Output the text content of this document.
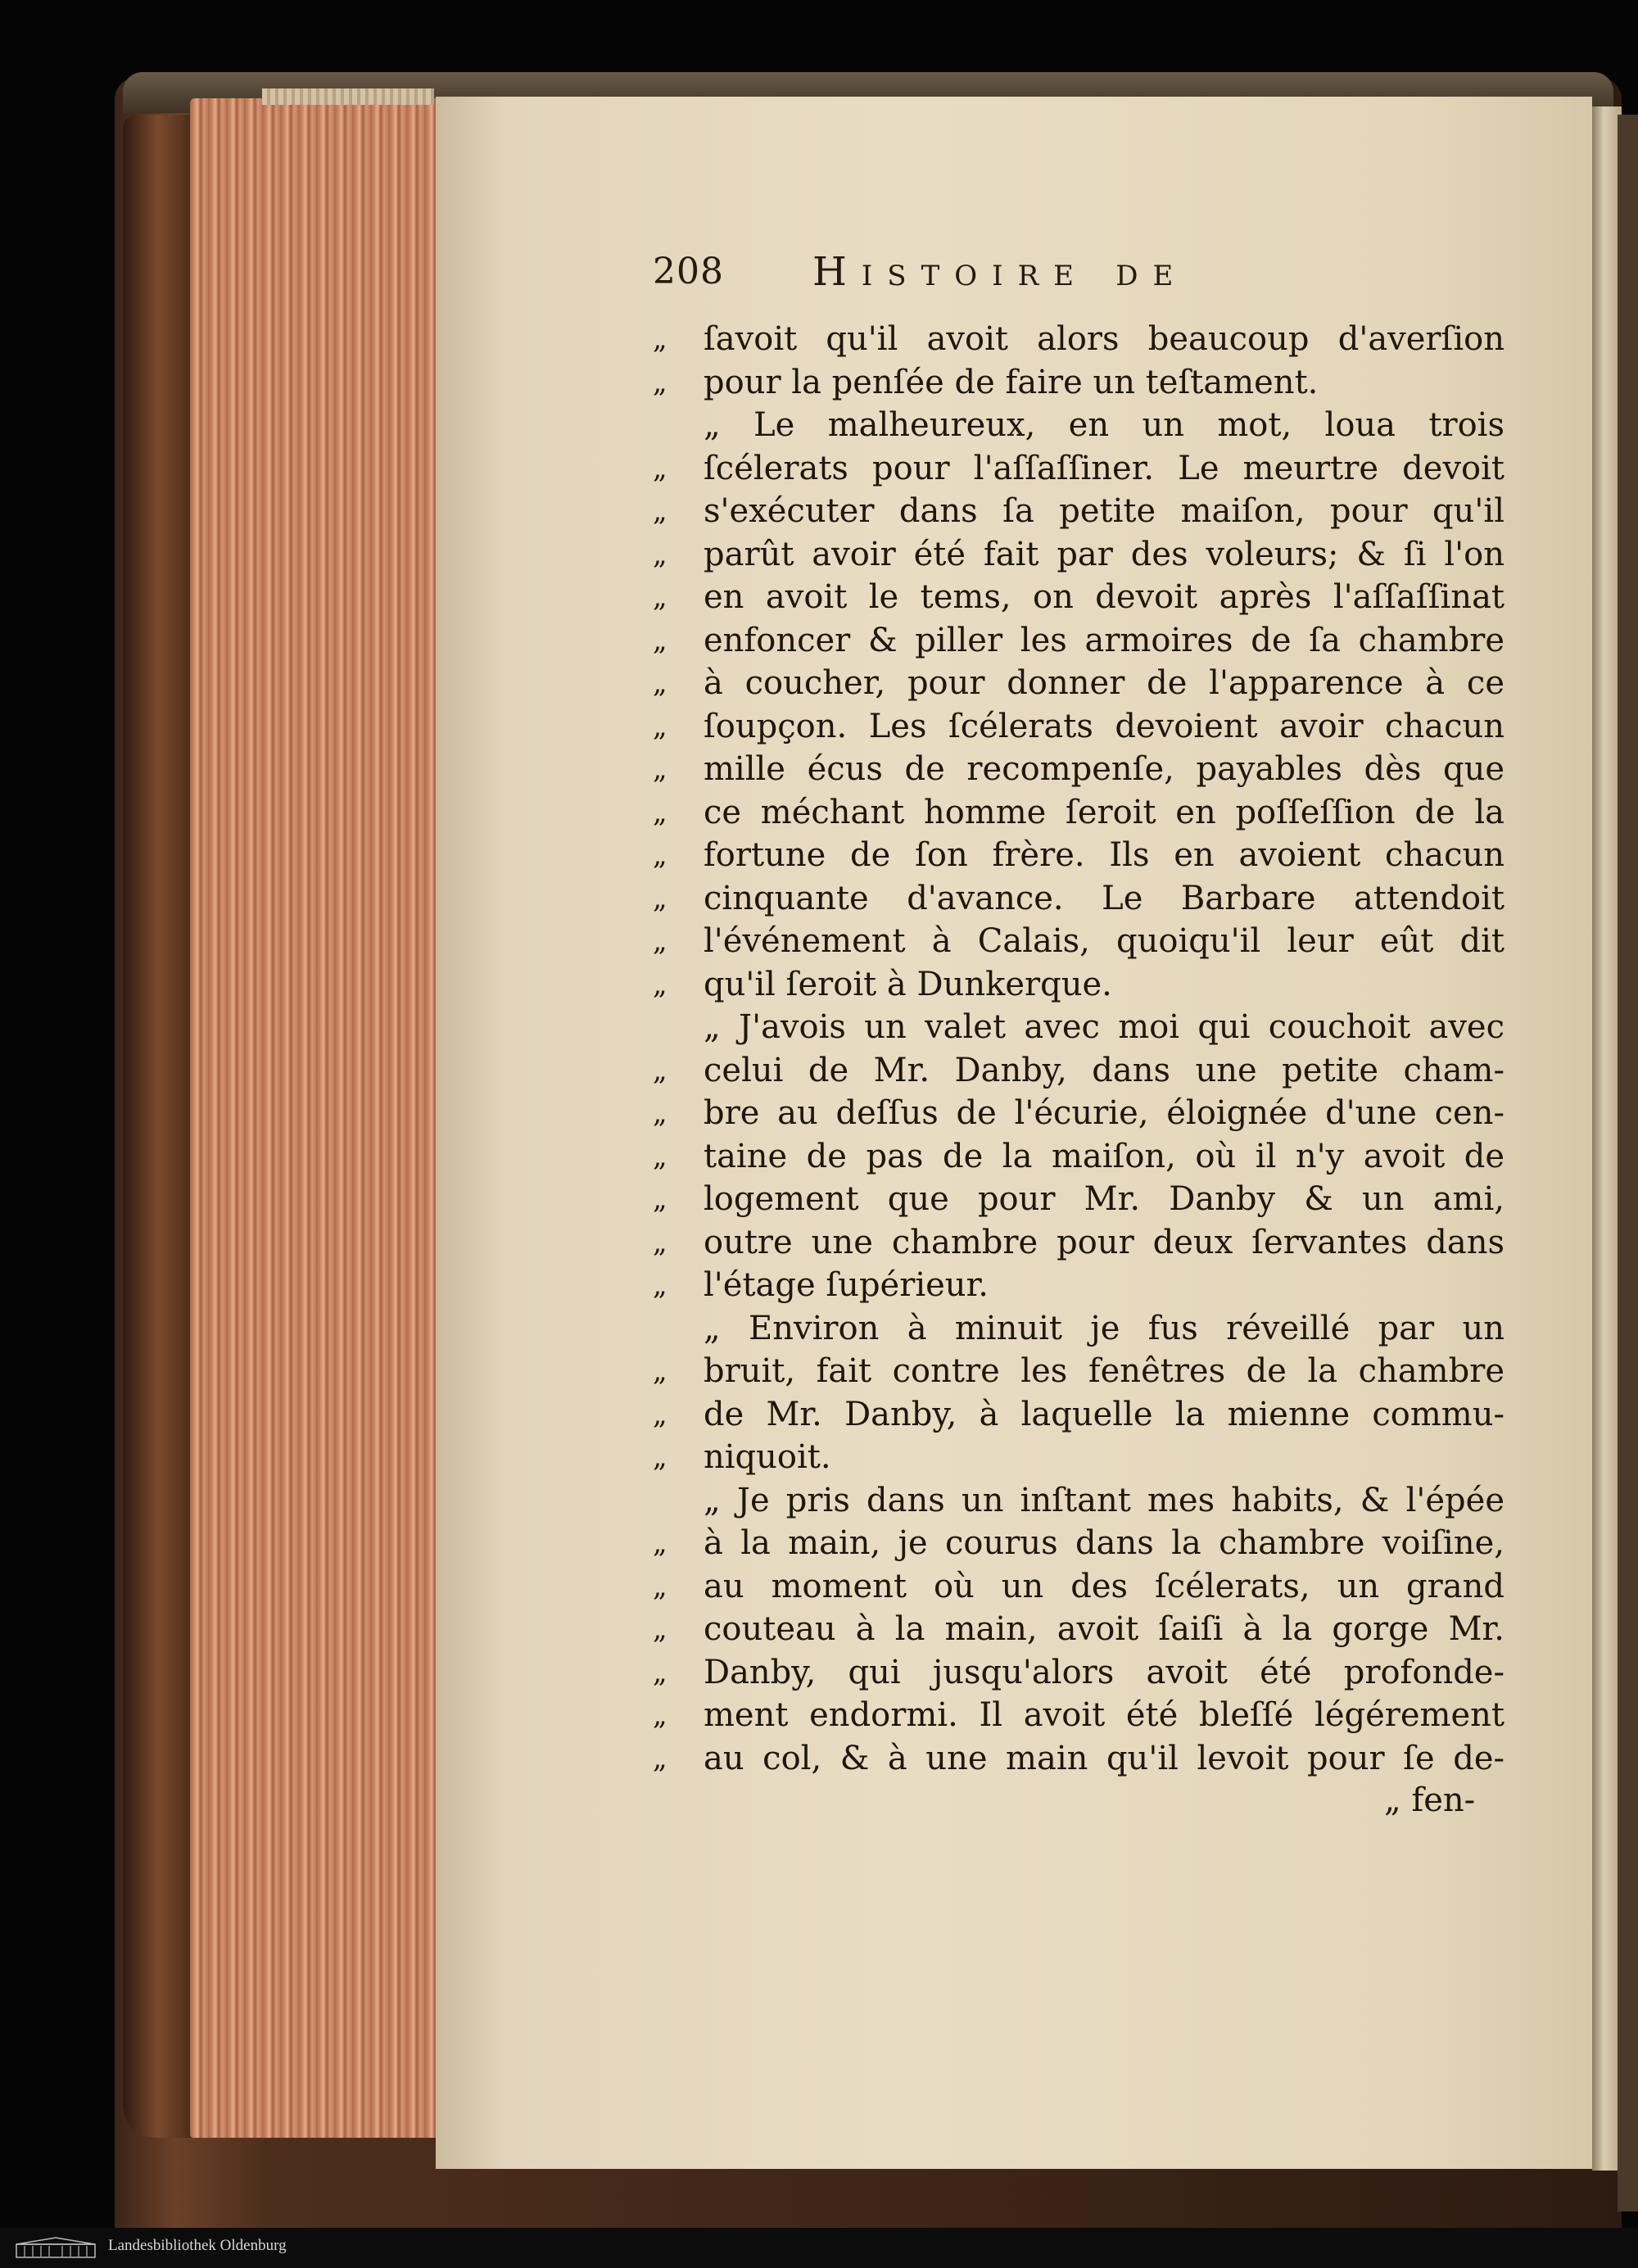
208 Histoire de
„	ſavoit qu'il avoit alors beaucoup d'averſion
„	pour la penſée de faire un teſtament.
„ Le malheureux, en un mot, loua trois
„	ſcélerats pour l'aſſaſſiner. Le meurtre devoit
„	s'exécuter dans ſa petite maiſon, pour qu'il
„	parût avoir été fait par des voleurs; & ſi l'on
„	en avoit le tems, on devoit après l'aſſaſſinat
„	enfoncer & piller les armoires de ſa chambre
„	à coucher, pour donner de l'apparence à ce
„	ſoupçon. Les ſcélerats devoient avoir chacun
„	mille écus de recompenſe, payables dès que
„	ce méchant homme ſeroit en poſſeſſion de la
„	fortune de ſon frère. Ils en avoient chacun
„	cinquante d'avance. Le Barbare attendoit
„	l'événement à Calais, quoiqu'il leur eût dit
„	qu'il ſeroit à Dunkerque.
„ J'avois un valet avec moi qui couchoit avec
„	celui de Mr. Danby, dans une petite cham-
„	bre au deſſus de l'écurie, éloignée d'une cen-
„	taine de pas de la maiſon, où il n'y avoit de
„	logement que pour Mr. Danby & un ami,
„	outre une chambre pour deux ſervantes dans
„	l'étage ſupérieur.
„ Environ à minuit je fus réveillé par un
„	bruit, fait contre les fenêtres de la chambre
„	de Mr. Danby, à laquelle la mienne commu-
„	niquoit.
„ Je pris dans un inſtant mes habits, & l'épée
„	à la main, je courus dans la chambre voiſine,
„	au moment où un des ſcélerats, un grand
„	couteau à la main, avoit ſaiſi à la gorge Mr.
„	Danby, qui jusqu'alors avoit été profonde-
„	ment endormi. Il avoit été bleſſé légérement
„	au col, & à une main qu'il levoit pour ſe de-
„ fen-
Landesbibliothek Oldenburg
